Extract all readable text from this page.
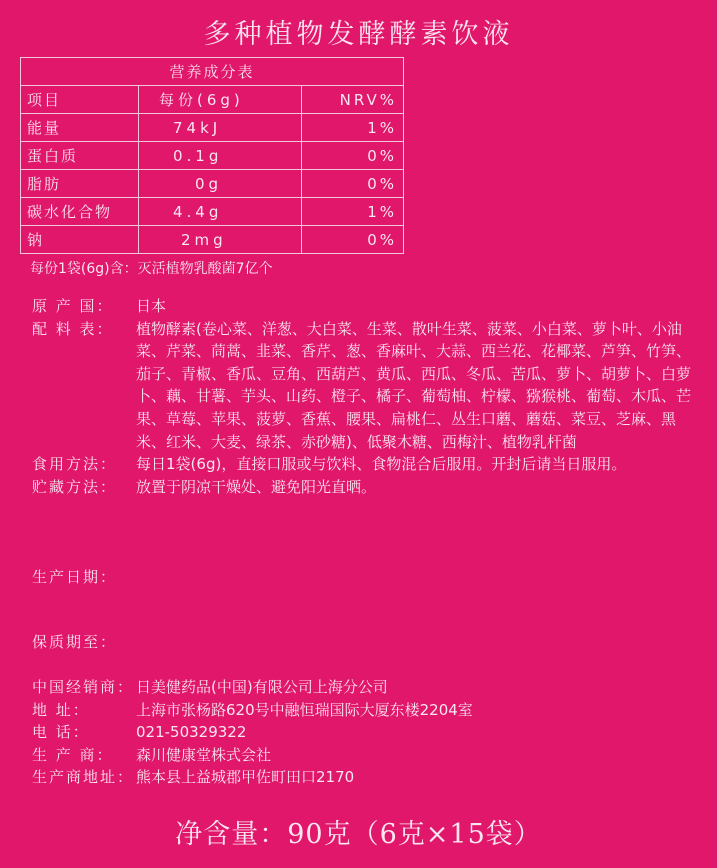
多种植物发酵酵素饮液
营养成分表		
项目	每份(6g)	NRV%
能量	74kJ	1%
蛋白质	0.1g	0%
脂肪	0g	0%
碳水化合物	4.4g	1%
钠	2mg	0%
每份1袋(6g)含：灭活植物乳酸菌7亿个
原 产 国：	日本
配 料 表：	植物酵素(卷心菜、洋葱、大白菜、生菜、散叶生菜、菠菜、小白菜、萝卜叶、小油菜、芹菜、茼蒿、韭菜、香芹、葱、香麻叶、大蒜、西兰花、花椰菜、芦笋、竹笋、茄子、青椒、香瓜、豆角、西葫芦、黄瓜、西瓜、冬瓜、苦瓜、萝卜、胡萝卜、白萝卜、藕、甘薯、芋头、山药、橙子、橘子、葡萄柚、柠檬、猕猴桃、葡萄、木瓜、芒果、草莓、苹果、菠萝、香蕉、腰果、扁桃仁、丛生口蘑、蘑菇、菜豆、芝麻、黑米、红米、大麦、绿茶、赤砂糖)、低聚木糖、西梅汁、植物乳杆菌
食用方法：	每日1袋(6g)，直接口服或与饮料、食物混合后服用。开封后请当日服用。
贮藏方法：	放置于阴凉干燥处、避免阳光直晒。
生产日期：
保质期至：
中国经销商： 日美健药品(中国)有限公司上海分公司
地 址：	上海市张杨路620号中融恒瑞国际大厦东楼2204室
电 话：	021-50329322
生 产 商：	森川健康堂株式会社
生产商地址： 熊本县上益城郡甲佐町田口2170
净含量：90克（6克×15袋）
